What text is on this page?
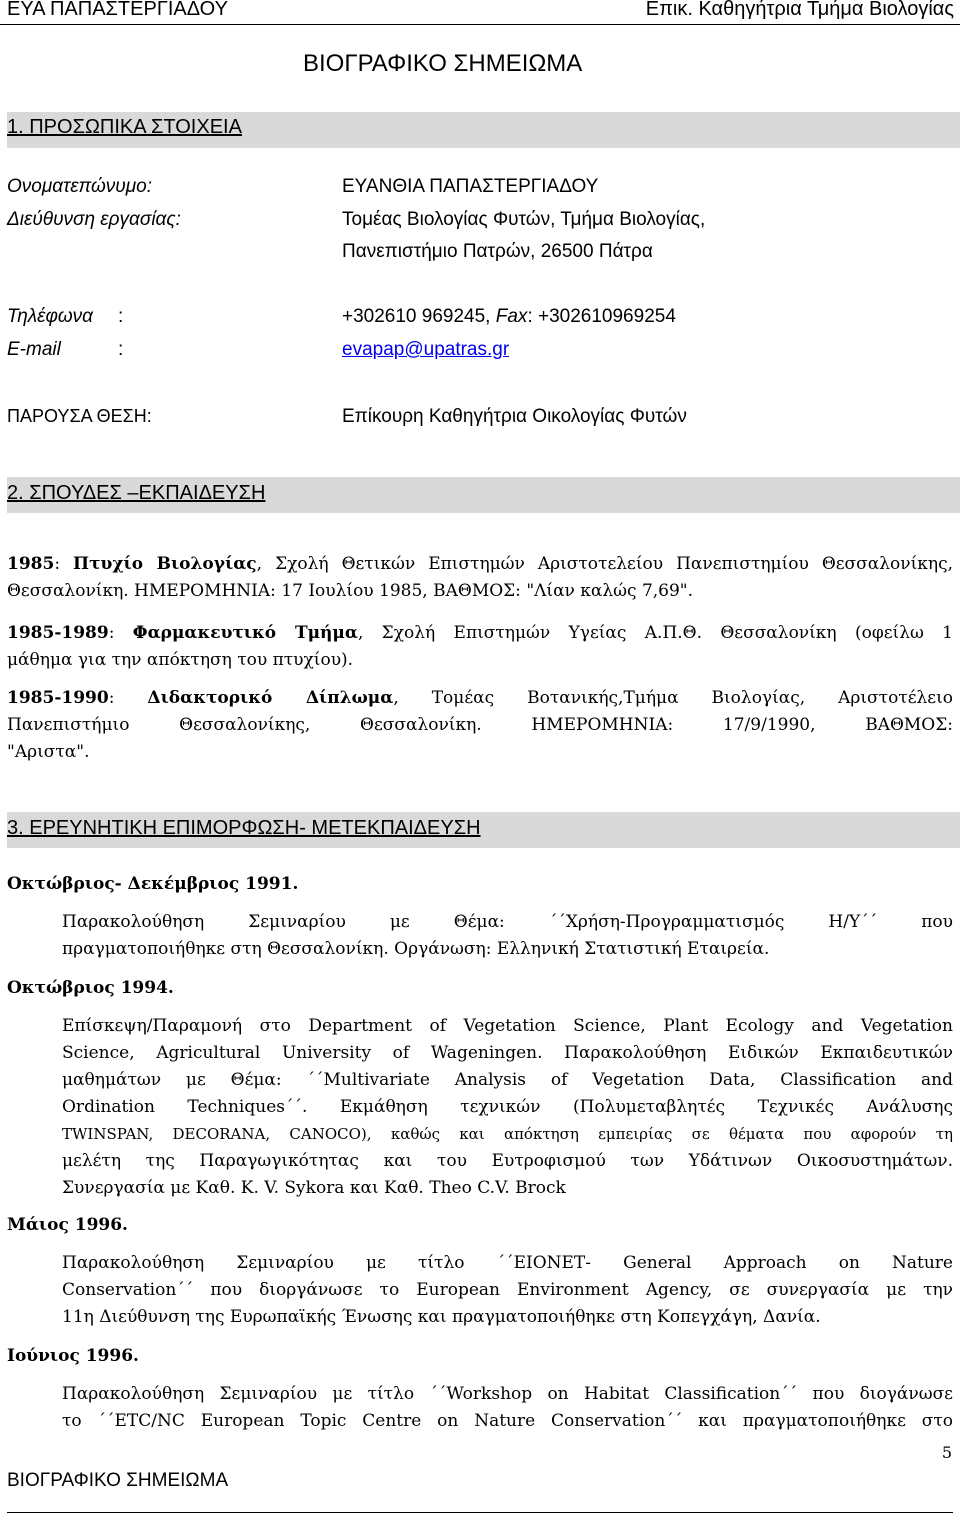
ΕΥΑ ΠΑΠΑΣΤΕΡΓΙΑΔΟΥ	Επικ. Καθηγήτρια Τμήμα Βιολογίας
ΒΙΟΓΡΑΦΙΚΟ ΣΗΜΕΙΩΜΑ
1. ΠΡΟΣΩΠΙΚΑ ΣΤΟΙΧΕΙΑ
Ονοματεπώνυμο:	ΕΥΑΝΘΙΑ ΠΑΠΑΣΤΕΡΓΙΑΔΟΥ
Διεύθυνση εργασίας:	Τομέας Βιολογίας Φυτών, Τμήμα Βιολογίας,
Πανεπιστήμιο Πατρών, 26500 Πάτρα
Τηλέφωνα :	+302610 969245, Fax: +302610969254
E-mail	:	evapap@upatras.gr
ΠΑΡΟΥΣΑ ΘΕΣΗ:	Επίκουρη Καθηγήτρια Οικολογίας Φυτών
2. ΣΠΟΥΔΕΣ –ΕΚΠΑΙΔΕΥΣΗ
1985: Πτυχίο Βιολογίας, Σχολή Θετικών Επιστημών Αριστοτελείου Πανεπιστημίου Θεσσαλονίκης,
Θεσσαλονίκη. ΗΜΕΡΟΜΗΝΙΑ: 17 Ιουλίου 1985, ΒΑΘΜΟΣ: "Λίαν καλώς 7,69".
1985-1989: Φαρμακευτικό Τμήμα, Σχολή Επιστημών Υγείας Α.Π.Θ. Θεσσαλονίκη (οφείλω 1
μάθημα για την απόκτηση του πτυχίου).
1985-1990: Διδακτορικό Δίπλωμα, Τομέας Βοτανικής,Τμήμα Βιολογίας, Αριστοτέλειο
Πανεπιστήμιο Θεσσαλονίκης, Θεσσαλονίκη. ΗΜΕΡΟΜΗΝΙΑ: 17/9/1990, ΒΑΘΜΟΣ:
"Αριστα".
3. ΕΡΕΥΝΗΤΙΚΗ ΕΠΙΜΟΡΦΩΣΗ- ΜΕΤΕΚΠΑΙΔΕΥΣΗ
Οκτώβριος- Δεκέμβριος 1991.
Παρακολούθηση Σεμιναρίου με Θέμα: ΄΄Χρήση-Προγραμματισμός Η/Υ΄΄ που
πραγματοποιήθηκε στη Θεσσαλονίκη. Οργάνωση: Ελληνική Στατιστική Εταιρεία.
Οκτώβριος 1994.
Επίσκεψη/Παραμονή στο Department of Vegetation Science, Plant Ecology and Vegetation
Science, Agricultural University of Wageningen. Παρακολούθηση Ειδικών Εκπαιδευτικών
μαθημάτων με Θέμα: ΄΄Multivariate Analysis of Vegetation Data, Classification and
Ordination Techniques΄΄. Εκμάθηση τεχνικών (Πολυμεταβλητές Τεχνικές Ανάλυσης
TWINSPAN, DECORANA, CANOCO), καθώς και απόκτηση εμπειρίας σε θέματα που αφορούν τη
μελέτη της Παραγωγικότητας και του Ευτροφισμού των Υδάτινων Οικοσυστημάτων.
Συνεργασία με Καθ. Κ. V. Sykora και Καθ. Theo C.V. Brock
Μάιος 1996.
Παρακολούθηση Σεμιναρίου με τίτλο ΄΄ΕΙΟΝΕΤ- General Approach on Nature
Conservation΄΄ που διοργάνωσε το European Environment Agency, σε συνεργασία με την
11η Διεύθυνση της Ευρωπαϊκής Ένωσης και πραγματοποιήθηκε στη Κοπεγχάγη, Δανία.
Ιούνιος 1996.
Παρακολούθηση Σεμιναρίου με τίτλο ΄΄Workshop on Habitat Classification΄΄ που διογάνωσε
το ΄΄ETC/NC European Topic Centre on Nature Conservation΄΄ και πραγματοποιήθηκε στο
5
ΒΙΟΓΡΑΦΙΚΟ ΣΗΜΕΙΩΜΑ
